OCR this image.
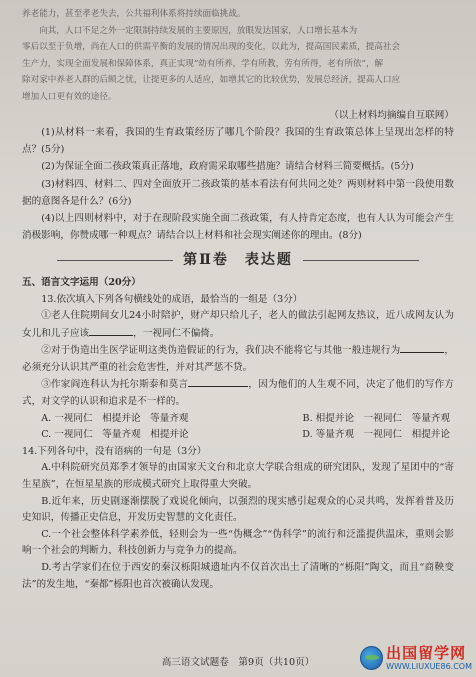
养老能力，甚至孝老失去，公共福利体系将持续面临挑战。

向其，人口不足之外一定限制持续发展的主要原因，放眼发达国家，人口增长基本为

零后以至于负增，尚在人口的供需平衡的发展的情况出现的变化，以此为，提高国民素质，提高社会

生产力，实现全面发展和保障体系，真正实现“幼有所养，学有所教，劳有所得，老有所依”，解

除对家中养老人群的后顾之忧，让提更多的人适应，如增其它的比较优势，发展总经济，提高人口应

增加人口更有效的途径。

（以上材料均摘编自互联网）

(1)从材料一来看，我国的生育政策经历了哪几个阶段？我国的生育政策总体上呈现出怎样的特点？(5分)

(2)为保证全面二孩政策真正落地，政府需采取哪些措施？请结合材料三简要概括。(5分)

(3)材料四、材料二、四对全面放开二孩政策的基本看法有何共同之处？两则材料中第一段使用数据的意图各是什么？(6分)

(4)以上四则材料中，对于在现阶段实施全面二孩政策，有人持肯定态度，也有人认为可能会产生消极影响，你赞成哪一种观点？请结合以上材料和社会现实阐述你的理由。(8分)

第Ⅱ卷　表达题

五、语言文字运用（20分）

13.依次填入下列各句横线处的成语，最恰当的一组是（3分）

①老人住院期间女儿24小时陪护，财产却只给儿子，老人的做法引起网友热议，近八成网友认为女儿和儿子应该	，一视同仁不偏倚。

②对于伪造出生医学证明这类伪造假证的行为，我们决不能将它与其他一般违规行为	，必须充分认识其严重的社会危害性，并对其严惩不贷。

③作家阎连科认为托尔斯泰和莫言	，因为他们的人生观不同，决定了他们的写作方式，对文学的认识和追求是不一样的。

A. 一视同仁　相提并论　等量齐观	B. 相提并论　一视同仁　等量齐观
C. 一视同仁　等量齐观　相提并论	D. 等量齐观　一视同仁　相提并论

14.下列各句中，没有语病的一句是（3分）

A.中科院研究员郑季才领导的由国家天文台和北京大学联合组成的研究团队，发现了星团中的“寄生星族”，在恒星星族的形成模式研究上取得重大突破。

B.近年来，历史剧逐渐摆脱了戏说化倾向，以强烈的现实感引起观众的心灵共鸣，发挥着普及历史知识，传播正史信息，开发历史智慧的文化责任。

C.一个社会整体科学素养低，轻则会为一些“伪概念”“伪科学”的流行和泛滥提供温床，重则会影响一个社会的判断力，科技创新力与竞争力的提高。

D.考古学家们在位于西安的秦汉栎阳城遗址内不仅首次出土了清晰的“栎阳”陶文，而且“商鞅变法”的发生地，“秦都”栎阳也首次被确认发现。

高三语文试题卷　第9页（共10页）
出国留学网
WWW.LIUXUE86.COM
